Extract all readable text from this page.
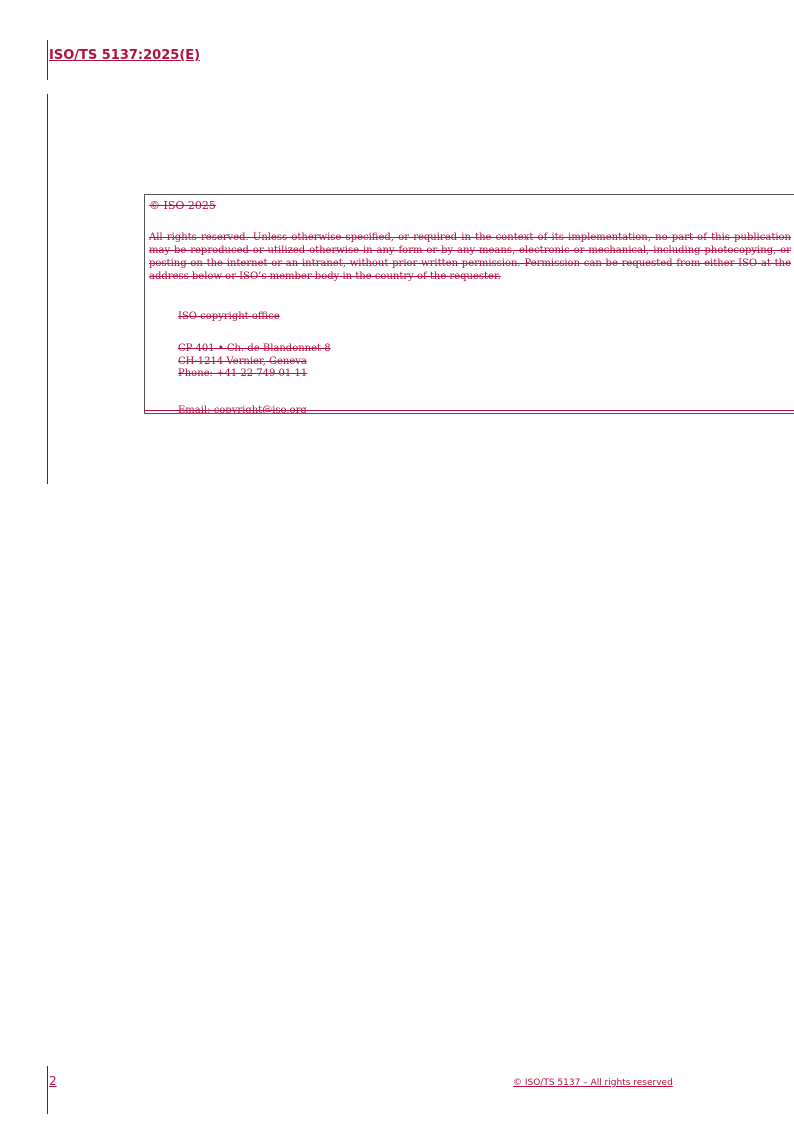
ISO/TS 5137:2025(E)
© ISO 2025
All rights reserved. Unless otherwise specified, or required in the context of its implementation, no part of this publication may be reproduced or utilized otherwise in any form or by any means, electronic or mechanical, including photocopying, or posting on the internet or an intranet, without prior written permission. Permission can be requested from either ISO at the address below or ISO’s member body in the country of the requester.
ISO copyright office
CP 401 • Ch. de Blandonnet 8
CH-1214 Vernier, Geneva
Phone: +41 22 749 01 11
Email: copyright@iso.org
2	© ISO/TS 5137 – All rights reserved
